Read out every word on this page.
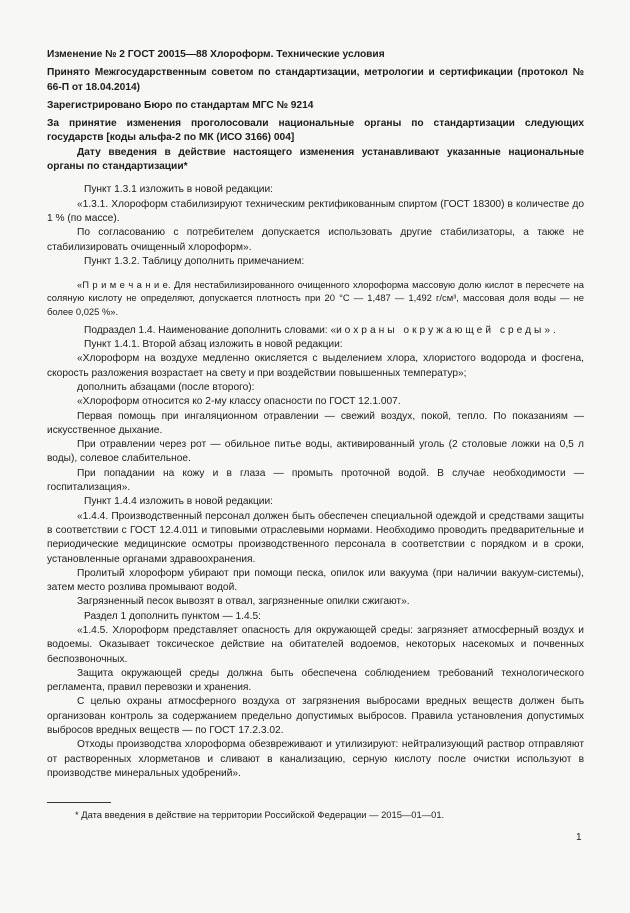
Изменение № 2 ГОСТ 20015—88 Хлороформ. Технические условия

Принято Межгосударственным советом по стандартизации, метрологии и сертификации (протокол № 66-П от 18.04.2014)

Зарегистрировано Бюро по стандартам МГС № 9214

За принятие изменения проголосовали национальные органы по стандартизации следующих государств [коды альфа-2 по МК (ИСО 3166) 004]

Дату введения в действие настоящего изменения устанавливают указанные национальные органы по стандартизации*

Пункт 1.3.1 изложить в новой редакции:

«1.3.1. Хлороформ стабилизируют техническим ректификованным спиртом (ГОСТ 18300) в количестве до 1 % (по массе).

По согласованию с потребителем допускается использовать другие стабилизаторы, а также не стабилизировать очищенный хлороформ».

Пункт 1.3.2. Таблицу дополнить примечанием:

«П р и м е ч а н и е. Для нестабилизированного очищенного хлороформа массовую долю кислот в пересчете на соляную кислоту не определяют, допускается плотность при 20 °С — 1,487 — 1,492 г/см³, массовая доля воды — не более 0,025 %».

Подраздел 1.4. Наименование дополнить словами: «и охраны окружающей среды».

Пункт 1.4.1. Второй абзац изложить в новой редакции:

«Хлороформ на воздухе медленно окисляется с выделением хлора, хлористого водорода и фосгена, скорость разложения возрастает на свету и при воздействии повышенных температур»;

дополнить абзацами (после второго):

«Хлороформ относится ко 2-му классу опасности по ГОСТ 12.1.007.

Первая помощь при ингаляционном отравлении — свежий воздух, покой, тепло. По показаниям — искусственное дыхание.

При отравлении через рот — обильное питье воды, активированный уголь (2 столовые ложки на 0,5 л воды), солевое слабительное.

При попадании на кожу и в глаза — промыть проточной водой. В случае необходимости — госпитализация».

Пункт 1.4.4 изложить в новой редакции:

«1.4.4. Производственный персонал должен быть обеспечен специальной одеждой и средствами защиты в соответствии с ГОСТ 12.4.011 и типовыми отраслевыми нормами. Необходимо проводить предварительные и периодические медицинские осмотры производственного персонала в соответствии с порядком и в сроки, установленные органами здравоохранения.

Пролитый хлороформ убирают при помощи песка, опилок или вакуума (при наличии вакуум-системы), затем место розлива промывают водой.

Загрязненный песок вывозят в отвал, загрязненные опилки сжигают».

Раздел 1 дополнить пунктом — 1.4.5:

«1.4.5. Хлороформ представляет опасность для окружающей среды: загрязняет атмосферный воздух и водоемы. Оказывает токсическое действие на обитателей водоемов, некоторых насекомых и почвенных беспозвоночных.

Защита окружающей среды должна быть обеспечена соблюдением требований технологического регламента, правил перевозки и хранения.

С целью охраны атмосферного воздуха от загрязнения выбросами вредных веществ должен быть организован контроль за содержанием предельно допустимых выбросов. Правила установления допустимых выбросов вредных веществ — по ГОСТ 17.2.3.02.

Отходы производства хлороформа обезвреживают и утилизируют: нейтрализующий раствор отправляют от растворенных хлорметанов и сливают в канализацию, серную кислоту после очистки используют в производстве минеральных удобрений».

* Дата введения в действие на территории Российской Федерации — 2015—01—01.

1
